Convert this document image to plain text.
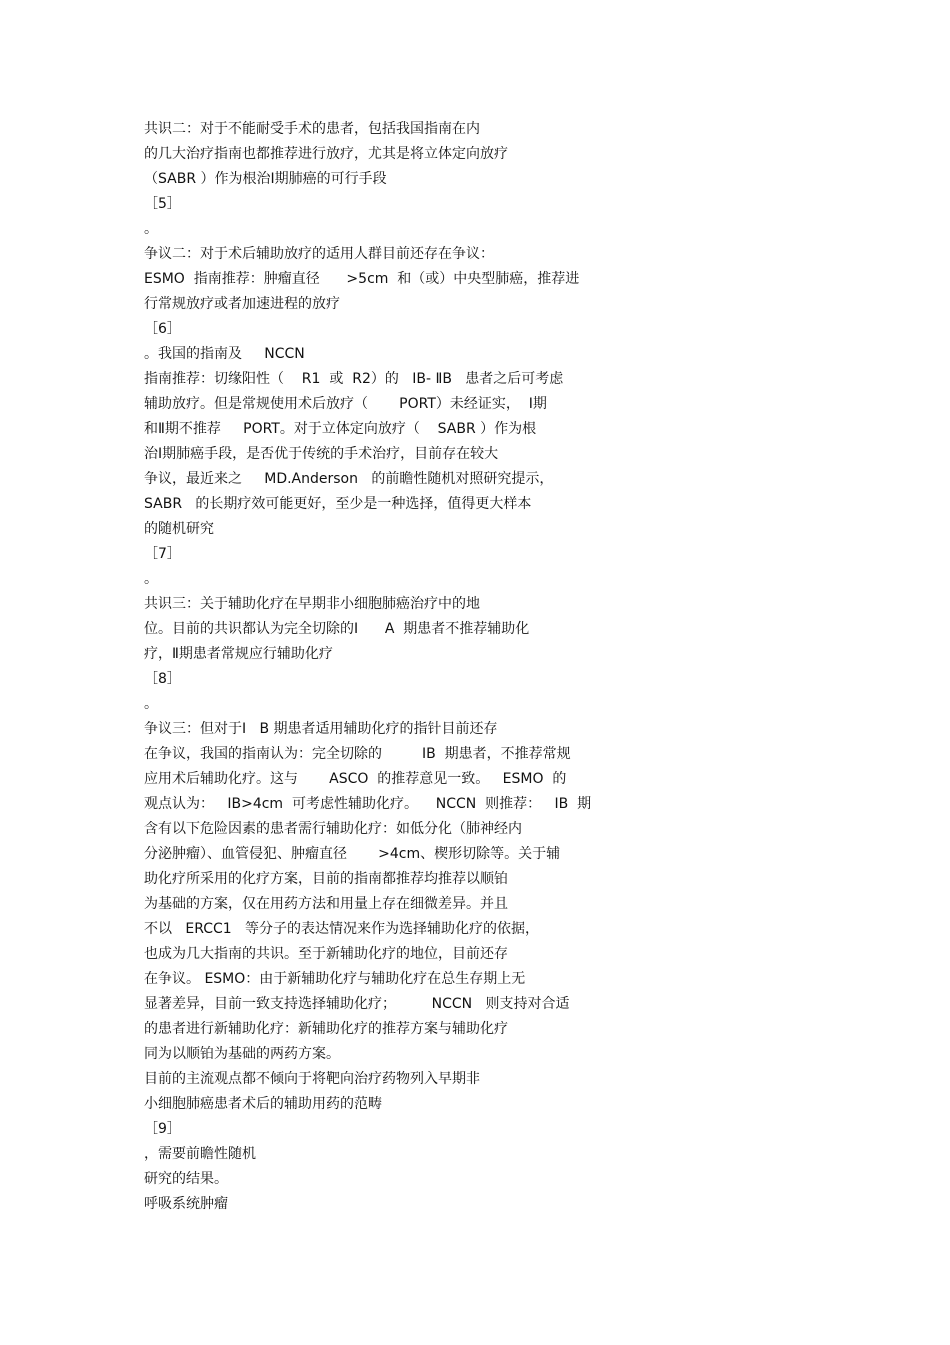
共识二：对于不能耐受手术的患者，包括我国指南在内
的几大治疗指南也都推荐进行放疗，尤其是将立体定向放疗
（SABR ）作为根治Ⅰ期肺癌的可行手段
［5］
。
争议二：对于术后辅助放疗的适用人群目前还存在争议：
ESMO  指南推荐：肿瘤直径      >5cm  和（或）中央型肺癌，推荐进
行常规放疗或者加速进程的放疗
［6］
。我国的指南及     NCCN
指南推荐：切缘阳性（    R1  或  R2）的   IB- ⅡB   患者之后可考虑
辅助放疗。但是常规使用术后放疗（       PORT）未经证实，  Ⅰ期
和Ⅱ期不推荐     PORT。对于立体定向放疗（    SABR ）作为根
治Ⅰ期肺癌手段，是否优于传统的手术治疗，目前存在较大
争议，最近来之     MD.Anderson   的前瞻性随机对照研究提示，
SABR   的长期疗效可能更好，至少是一种选择，值得更大样本
的随机研究
［7］
。
共识三：关于辅助化疗在早期非小细胞肺癌治疗中的地
位。目前的共识都认为完全切除的Ⅰ      A  期患者不推荐辅助化
疗，Ⅱ期患者常规应行辅助化疗
［8］
。
争议三：但对于Ⅰ   B 期患者适用辅助化疗的指针目前还存
在争议，我国的指南认为：完全切除的         IB  期患者，不推荐常规
应用术后辅助化疗。这与       ASCO  的推荐意见一致。   ESMO  的
观点认为：   IB>4cm  可考虑性辅助化疗。    NCCN  则推荐：   IB  期
含有以下危险因素的患者需行辅助化疗：如低分化（肺神经内
分泌肿瘤）、血管侵犯、肿瘤直径       >4cm、楔形切除等。关于辅
助化疗所采用的化疗方案，目前的指南都推荐均推荐以顺铂
为基础的方案，仅在用药方法和用量上存在细微差异。并且
不以   ERCC1   等分子的表达情况来作为选择辅助化疗的依据，
也成为几大指南的共识。至于新辅助化疗的地位，目前还存
在争议。 ESMO：由于新辅助化疗与辅助化疗在总生存期上无
显著差异，目前一致支持选择辅助化疗；        NCCN   则支持对合适
的患者进行新辅助化疗：新辅助化疗的推荐方案与辅助化疗
同为以顺铂为基础的两药方案。
目前的主流观点都不倾向于将靶向治疗药物列入早期非
小细胞肺癌患者术后的辅助用药的范畴
［9］
，需要前瞻性随机
研究的结果。
呼吸系统肿瘤
